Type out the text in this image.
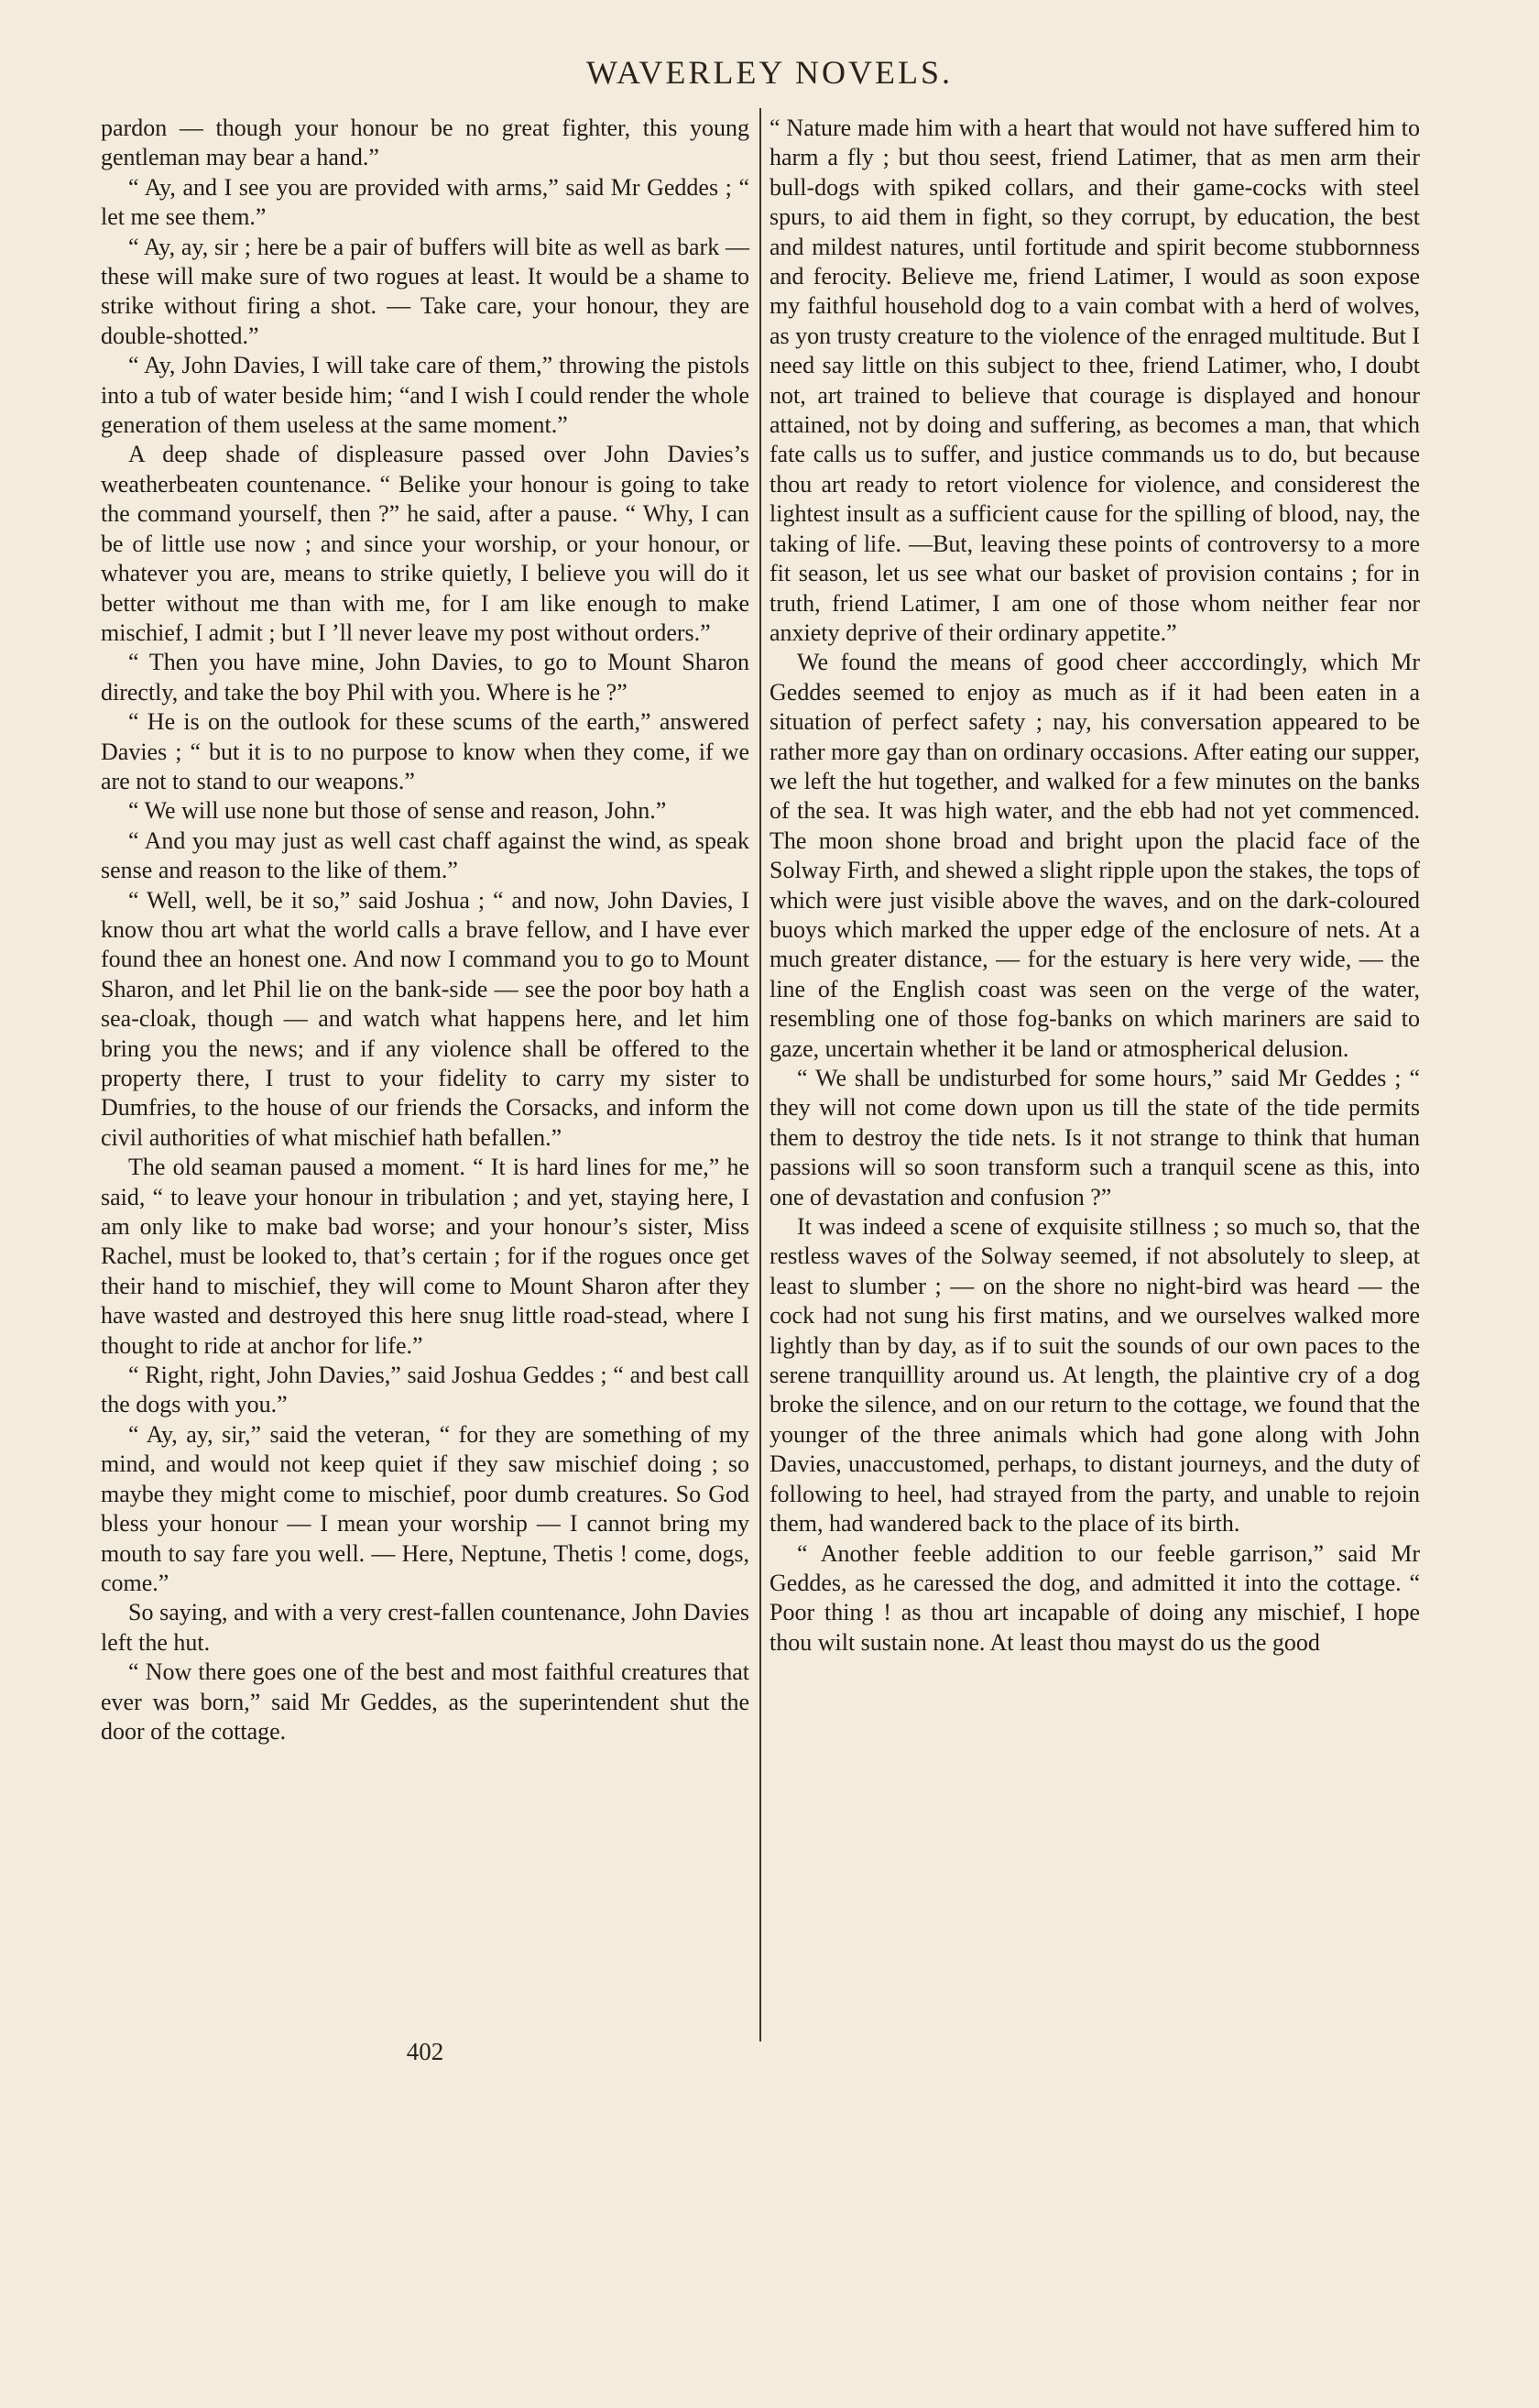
WAVERLEY NOVELS.

pardon — though your honour be no great fighter, this young gentleman may bear a hand.”

“ Ay, and I see you are provided with arms,” said Mr Geddes ; “ let me see them.”

“ Ay, ay, sir ; here be a pair of buffers will bite as well as bark — these will make sure of two rogues at least. It would be a shame to strike without firing a shot. — Take care, your honour, they are double-shotted.”

“ Ay, John Davies, I will take care of them,” throwing the pistols into a tub of water beside him; “and I wish I could render the whole generation of them useless at the same moment.”

A deep shade of displeasure passed over John Davies’s weatherbeaten countenance. “ Belike your honour is going to take the command yourself, then ?” he said, after a pause. “ Why, I can be of little use now ; and since your worship, or your honour, or whatever you are, means to strike quietly, I believe you will do it better without me than with me, for I am like enough to make mischief, I admit ; but I ’ll never leave my post without orders.”

“ Then you have mine, John Davies, to go to Mount Sharon directly, and take the boy Phil with you. Where is he ?”

“ He is on the outlook for these scums of the earth,” answered Davies ; “ but it is to no purpose to know when they come, if we are not to stand to our weapons.”

“ We will use none but those of sense and reason, John.”

“ And you may just as well cast chaff against the wind, as speak sense and reason to the like of them.”

“ Well, well, be it so,” said Joshua ; “ and now, John Davies, I know thou art what the world calls a brave fellow, and I have ever found thee an honest one. And now I command you to go to Mount Sharon, and let Phil lie on the bank-side — see the poor boy hath a sea-cloak, though — and watch what happens here, and let him bring you the news; and if any violence shall be offered to the property there, I trust to your fidelity to carry my sister to Dumfries, to the house of our friends the Corsacks, and inform the civil authorities of what mischief hath befallen.”

The old seaman paused a moment. “ It is hard lines for me,” he said, “ to leave your honour in tribulation ; and yet, staying here, I am only like to make bad worse; and your honour’s sister, Miss Rachel, must be looked to, that’s certain ; for if the rogues once get their hand to mischief, they will come to Mount Sharon after they have wasted and destroyed this here snug little road-stead, where I thought to ride at anchor for life.”

“ Right, right, John Davies,” said Joshua Geddes ; “ and best call the dogs with you.”

“ Ay, ay, sir,” said the veteran, “ for they are something of my mind, and would not keep quiet if they saw mischief doing ; so maybe they might come to mischief, poor dumb creatures. So God bless your honour — I mean your worship — I cannot bring my mouth to say fare you well. — Here, Neptune, Thetis ! come, dogs, come.”

So saying, and with a very crest-fallen countenance, John Davies left the hut.

“ Now there goes one of the best and most faithful creatures that ever was born,” said Mr Geddes, as the superintendent shut the door of the cottage.

“ Nature made him with a heart that would not have suffered him to harm a fly ; but thou seest, friend Latimer, that as men arm their bull-dogs with spiked collars, and their game-cocks with steel spurs, to aid them in fight, so they corrupt, by education, the best and mildest natures, until fortitude and spirit become stubbornness and ferocity. Believe me, friend Latimer, I would as soon expose my faithful household dog to a vain combat with a herd of wolves, as yon trusty creature to the violence of the enraged multitude. But I need say little on this subject to thee, friend Latimer, who, I doubt not, art trained to believe that courage is displayed and honour attained, not by doing and suffering, as becomes a man, that which fate calls us to suffer, and justice commands us to do, but because thou art ready to retort violence for violence, and considerest the lightest insult as a sufficient cause for the spilling of blood, nay, the taking of life. —But, leaving these points of controversy to a more fit season, let us see what our basket of provision contains ; for in truth, friend Latimer, I am one of those whom neither fear nor anxiety deprive of their ordinary appetite.”

We found the means of good cheer acccordingly, which Mr Geddes seemed to enjoy as much as if it had been eaten in a situation of perfect safety ; nay, his conversation appeared to be rather more gay than on ordinary occasions. After eating our supper, we left the hut together, and walked for a few minutes on the banks of the sea. It was high water, and the ebb had not yet commenced. The moon shone broad and bright upon the placid face of the Solway Firth, and shewed a slight ripple upon the stakes, the tops of which were just visible above the waves, and on the dark-coloured buoys which marked the upper edge of the enclosure of nets. At a much greater distance, — for the estuary is here very wide, — the line of the English coast was seen on the verge of the water, resembling one of those fog-banks on which mariners are said to gaze, uncertain whether it be land or atmospherical delusion.

“ We shall be undisturbed for some hours,” said Mr Geddes ; “ they will not come down upon us till the state of the tide permits them to destroy the tide nets. Is it not strange to think that human passions will so soon transform such a tranquil scene as this, into one of devastation and confusion ?”

It was indeed a scene of exquisite stillness ; so much so, that the restless waves of the Solway seemed, if not absolutely to sleep, at least to slumber ; — on the shore no night-bird was heard — the cock had not sung his first matins, and we ourselves walked more lightly than by day, as if to suit the sounds of our own paces to the serene tranquillity around us. At length, the plaintive cry of a dog broke the silence, and on our return to the cottage, we found that the younger of the three animals which had gone along with John Davies, unaccustomed, perhaps, to distant journeys, and the duty of following to heel, had strayed from the party, and unable to rejoin them, had wandered back to the place of its birth.

“ Another feeble addition to our feeble garrison,” said Mr Geddes, as he caressed the dog, and admitted it into the cottage. “ Poor thing ! as thou art incapable of doing any mischief, I hope thou wilt sustain none. At least thou mayst do us the good

402
